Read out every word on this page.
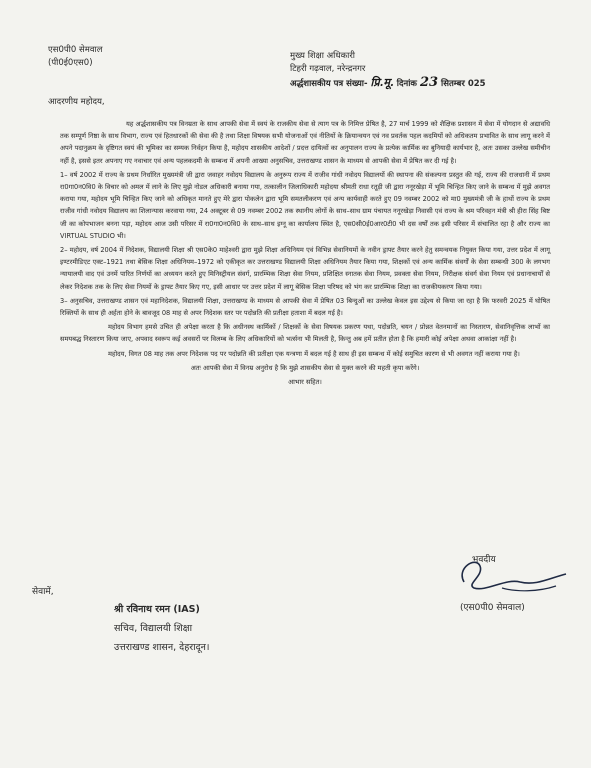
एस0पी0 सेमवाल
(पी0ई0एस0)
मुख्य शिक्षा अधिकारी
टिहरी गढ़वाल, नरेन्द्रनगर
अर्द्धशासकीय पत्र संख्या- प्रि.मू. दिनांक 23 सितम्बर 025
आदरणीय महोदय,

यह अर्द्धशासकीय पत्र विनम्रता के साथ आपकी सेवा में स्वयं के राजकीय सेवा से त्याग पत्र के निमित्त प्रेषित है, 27 मार्च 1999 को शैक्षिक प्रशासन में सेवा में योगदान से अद्यावधि तक सम्पूर्ण निष्ठा के साथ विभाग, राज्य एवं हितधारकों की सेवा की है तथा शिक्षा विषयक सभी योजनाओं एवं नीतियों के क्रियान्वयन एवं नव प्रवर्तक पहल कदमियों को अधिकतम प्रभावित के साथ लागू करने में अपने पदानुक्रम के दृष्टिगत स्वयं की भूमिका का सम्यक निर्वहन किया है, महोदय शासकीय आदेशों / प्रदत्त दायित्वों का अनुपालन राज्य के प्रत्येक कार्मिक का बुनियादी कार्यभार है, अतः उसका उल्लेख समीचीन नहीं है, इससे इतर अपनाए गए नवाचार एवं अन्य पहलकदमी के सम्बन्ध में अपनी आख्या अनुसचिव, उत्तराखण्ड शासन के माध्यम से आपकी सेवा में प्रेषित कर दी गई है।

1– वर्ष 2002 में राज्य के प्रथम निर्धारित मुख्यमंत्री जी द्वारा जवाहर नवोदय विद्यालय के अनुरूप राज्य में राजीव गांधी नवोदय विद्यालयों की स्थापना की संकल्पना प्रस्तुत की गई, राज्य की राजधानी में प्रथम रा0गा0न0वि0 के विचार को अमल में लाने के लिए मुझे नोडल अधिकारी बनाया गया, तत्कालीन जिलाधिकारी महोदया श्रीमती राधा रतूड़ी जी द्वारा ननूरखेड़ा में भूमि चिन्हित किए जाने के सम्बन्ध में मुझे अवगत कराया गया, महोदय भूमि चिन्हित किए जाने को अधिकृत मानते हुए मेरे द्वारा पोकलेन द्वारा भूमि समतलीकरण एवं अन्य कार्यवाही करते हुए 09 नवम्बर 2002 को मा0 मुख्यमंत्री जी के हाथों राज्य के प्रथम राजीव गांधी नवोदय विद्यालय का शिलान्यास करवाया गया, 24 अक्टूबर से 09 नवम्बर 2002 तक स्थानीय लोगों के साथ–साथ ग्राम पंचायत ननूरखेड़ा निवासी एवं राज्य के श्रम परिवहन मंत्री श्री हीरा सिंह बिष्ट जी का कोपभाजन बनना पड़ा, महोदय आज उसी परिसर में रा0गा0न0वि0 के साथ–साथ इग्नू का कार्यालय स्थित है, एस0सी0ई0आर0टी0 भी दस वर्षों तक इसी परिसर में संचालित रहा है और राज्य का VIRTUAL STUDIO भी।

2– महोदय, वर्ष 2004 में निदेशक, विद्यालयी शिक्षा श्री एस0के0 माहेश्वरी द्वारा मुझे शिक्षा अधिनियम एवं विभिन्न सेवानियमों के नवीन ड्राफ्ट तैयार करने हेतु समन्वयक नियुक्त किया गया, उत्तर प्रदेश में लागू इण्टरमीडिएट एक्ट–1921 तथा बेसिक शिक्षा अधिनियम–1972 को एकीकृत कर उत्तराखण्ड विद्यालयी शिक्षा अधिनियम तैयार किया गया, शिक्षकों एवं अन्य कार्मिक संवर्गों के सेवा सम्बन्धी 300 के लगभग न्यायालयी वाद एवं उनमें पारित निर्णयों का अध्ययन करते हुए मिनिस्ट्रीयल संवर्ग, प्रारम्भिक शिक्षा सेवा नियम, प्रशिक्षित स्नातक सेवा नियम, प्रवक्ता सेवा नियम, निरीक्षक संवर्ग सेवा नियम एवं प्रधानाचार्यों से लेकर निदेशक तक के लिए सेवा नियमों के ड्राफ्ट तैयार किए गए, इसी आधार पर उत्तर प्रदेश में लागू बेसिक शिक्षा परिषद को भंग कर प्रारम्भिक शिक्षा का राजकीयकरण किया गया।

3– अनुसचिव, उत्तराखण्ड शासन एवं महानिदेशक, विद्यालयी शिक्षा, उत्तराखण्ड के माध्यम से आपकी सेवा में प्रेषित 03 बिन्दुओं का उल्लेख केवल इस उद्देश्य से किया जा रहा है कि फरवरी 2025 में घोषित रिक्तियों के साथ ही अर्हता होने के बावजूद 08 माह से अपर निदेशक स्तर पर पदोन्नति की प्रतीक्षा हताशा में बदल गई है।

महोदय विभाग हमसे उचित ही अपेक्षा करता है कि अधीनस्थ कार्मिकों / शिक्षकों के सेवा विषयक प्रकरण यथा, पदोन्नति, चयन / प्रोन्नत वेतनमानों का निस्तारण, सेवानिवृत्तिक लाभों का समयबद्ध निस्तारण किया जाए, अपवाद स्वरूप कई अवसरों पर विलम्ब के लिए अधिकारियों को भर्त्सना भी मिलती है, किन्तु अब हमें प्रतीत होता है कि हमारी कोई अपेक्षा अथवा आकांक्षा नहीं है।

महोदय, विगत 08 माह तक अपर निदेशक पद पर पदोन्नति की प्रतीक्षा एक यन्त्रणा में बदल गई है साथ ही इस सम्बन्ध में कोई समुचित कारण से भी अवगत नहीं कराया गया है।

अतः आपकी सेवा में विनम्र अनुरोध है कि मुझे शासकीय सेवा से मुक्त करने की महती कृपा करेंगे।

आभार सहित।

भवदीय
(एस0पी0 सेमवाल)
सेवामें,
श्री रविनाथ रमन (IAS)
सचिव, विद्यालयी शिक्षा
उत्तराखण्ड शासन, देहरादून।
